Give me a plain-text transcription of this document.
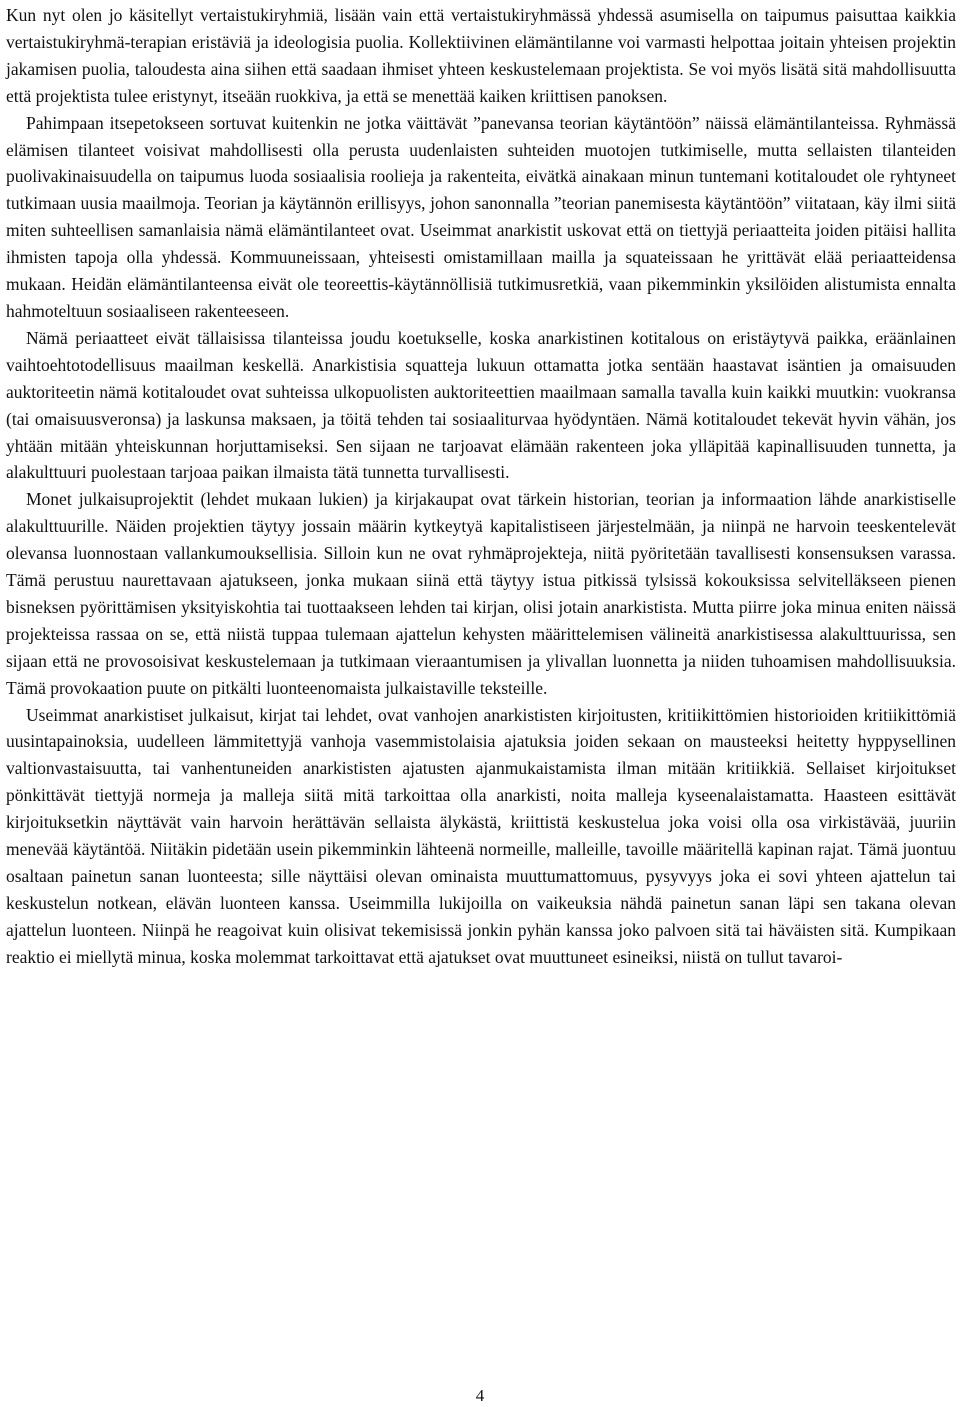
Kun nyt olen jo käsitellyt vertaistukiryhmiä, lisään vain että vertaistukiryhmässä yhdessä asumisella on taipumus paisuttaa kaikkia vertaistukiryhmä-terapian eristäviä ja ideologisia puolia. Kollektiivinen elämäntilanne voi varmasti helpottaa joitain yhteisen projektin jakamisen puolia, taloudesta aina siihen että saadaan ihmiset yhteen keskustelemaan projektista. Se voi myös lisätä sitä mahdollisuutta että projektista tulee eristynyt, itseään ruokkiva, ja että se menettää kaiken kriittisen panoksen.

Pahimpaan itsepetokseen sortuvat kuitenkin ne jotka väittävät ”panevansa teorian käytäntöön” näissä elämäntilanteissa. Ryhmässä elämisen tilanteet voisivat mahdollisesti olla perusta uudenlaisten suhteiden muotojen tutkimiselle, mutta sellaisten tilanteiden puolivakinaisuudella on taipumus luoda sosiaalisia roolieja ja rakenteita, eivätkä ainakaan minun tuntemani kotitaloudet ole ryhtyneet tutkimaan uusia maailmoja. Teorian ja käytännön erillisyys, johon sanonnalla ”teorian panemisesta käytäntöön” viitataan, käy ilmi siitä miten suhteellisen samanlaisia nämä elämäntilanteet ovat. Useimmat anarkistit uskovat että on tiettyjä periaatteita joiden pitäisi hallita ihmisten tapoja olla yhdessä. Kommuuneissaan, yhteisesti omistamillaan mailla ja squateissaan he yrittävät elää periaatteidensa mukaan. Heidän elämäntilanteensa eivät ole teoreettis-käytännöllisiä tutkimusretkiä, vaan pikemminkin yksilöiden alistumista ennalta hahmoteltuun sosiaaliseen rakenteeseen.

Nämä periaatteet eivät tällaisissa tilanteissa joudu koetukselle, koska anarkistinen kotitalous on eristäytyvä paikka, eräänlainen vaihtoehtotodellisuus maailman keskellä. Anarkistisia squatteja lukuun ottamatta jotka sentään haastavat isäntien ja omaisuuden auktoriteetin nämä kotitaloudet ovat suhteissa ulkopuolisten auktoriteettien maailmaan samalla tavalla kuin kaikki muutkin: vuokransa (tai omaisuusveronsa) ja laskunsa maksaen, ja töitä tehden tai sosiaaliturvaa hyödyntäen. Nämä kotitaloudet tekevät hyvin vähän, jos yhtään mitään yhteiskunnan horjuttamiseksi. Sen sijaan ne tarjoavat elämään rakenteen joka ylläpitää kapinallisuuden tunnetta, ja alakulttuuri puolestaan tarjoaa paikan ilmaista tätä tunnetta turvallisesti.

Monet julkaisuprojektit (lehdet mukaan lukien) ja kirjakaupat ovat tärkein historian, teorian ja informaation lähde anarkistiselle alakulttuurille. Näiden projektien täytyy jossain määrin kytkeytyä kapitalistiseen järjestelmään, ja niinpä ne harvoin teeskentelevät olevansa luonnostaan vallankumouksellisia. Silloin kun ne ovat ryhmäprojekteja, niitä pyöritetään tavallisesti konsensuksen varassa. Tämä perustuu naurettavaan ajatukseen, jonka mukaan siinä että täytyy istua pitkissä tylsissä kokouksissa selvitelläkseen pienen bisneksen pyörittämisen yksityiskohtia tai tuottaakseen lehden tai kirjan, olisi jotain anarkistista. Mutta piirre joka minua eniten näissä projekteissa rassaa on se, että niistä tuppaa tulemaan ajattelun kehysten määrittelemisen välineitä anarkistisessa alakulttuurissa, sen sijaan että ne provosoisivat keskustelemaan ja tutkimaan vieraantumisen ja ylivallan luonnetta ja niiden tuhoamisen mahdollisuuksia. Tämä provokaation puute on pitkälti luonteenomaista julkaistaville teksteille.

Useimmat anarkistiset julkaisut, kirjat tai lehdet, ovat vanhojen anarkististen kirjoitusten, kritiikittömien historioiden kritiikittömiä uusintapainoksia, uudelleen lämmitettyjä vanhoja vasemmistolaisia ajatuksia joiden sekaan on mausteeksi heitetty hyppysellinen valtionvastaisuutta, tai vanhentuneiden anarkististen ajatusten ajanmukaistamista ilman mitään kritiikkiä. Sellaiset kirjoitukset pönkittävät tiettyjä normeja ja malleja siitä mitä tarkoittaa olla anarkisti, noita malleja kyseenalaistamatta. Haasteen esittävät kirjoituksetkin näyttävät vain harvoin herättävän sellaista älykästä, kriittistä keskustelua joka voisi olla osa virkistävää, juuriin menevää käytäntöä. Niitäkin pidetään usein pikemminkin lähteenä normeille, malleille, tavoille määritellä kapinan rajat. Tämä juontuu osaltaan painetun sanan luonteesta; sille näyttäisi olevan ominaista muuttumattomuus, pysyvyys joka ei sovi yhteen ajattelun tai keskustelun notkean, elävän luonteen kanssa. Useimmilla lukijoilla on vaikeuksia nähdä painetun sanan läpi sen takana olevan ajattelun luonteen. Niinpä he reagoivat kuin olisivat tekemisissä jonkin pyhän kanssa joko palvoen sitä tai häväisten sitä. Kumpikaan reaktio ei miellytä minua, koska molemmat tarkoittavat että ajatukset ovat muuttuneet esineiksi, niistä on tullut tavaroi-

4
